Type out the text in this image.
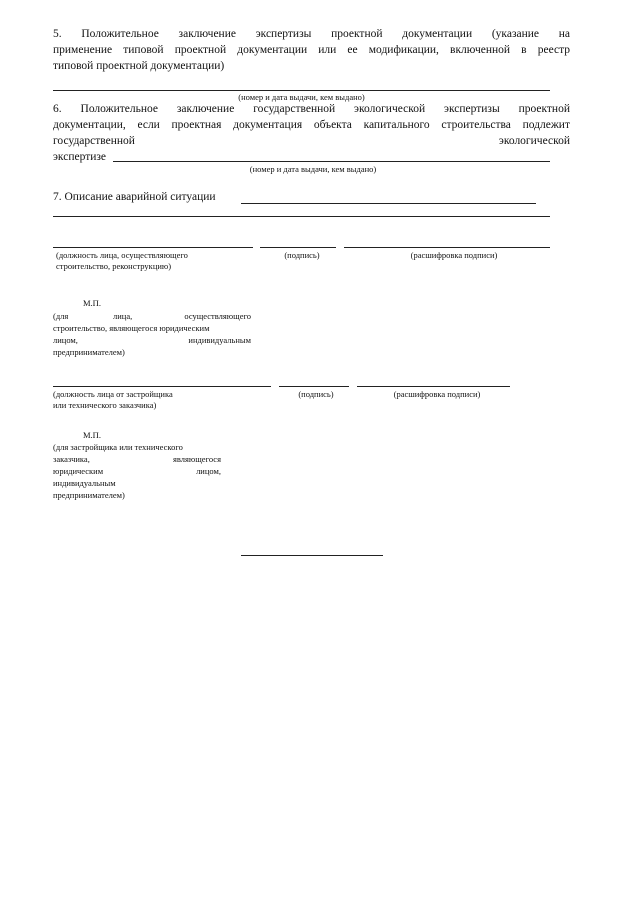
5. Положительное заключение экспертизы проектной документации (указание на
применение типовой проектной документации или ее модификации, включенной в реестр
типовой проектной документации)
(номер и дата выдачи, кем выдано)
6. Положительное заключение государственной экологической экспертизы проектной
документации, если проектная документация объекта капитального строительства подлежит
государственной	экологической
экспертизе
(номер и дата выдачи, кем выдано)
7. Описание аварийной ситуации
(должность лица, осуществляющего
строительство, реконструкцию)
(подпись)	(расшифровка подписи)
М.П.
(для	лица,	осуществляющего
строительство, являющегося юридическим
лицом,	индивидуальным
предпринимателем)
(должность лица от застройщика
или технического заказчика)
(подпись)	(расшифровка подписи)
М.П.
(для застройщика или технического
заказчика,	являющегося
юридическим	лицом,
индивидуальным
предпринимателем)
